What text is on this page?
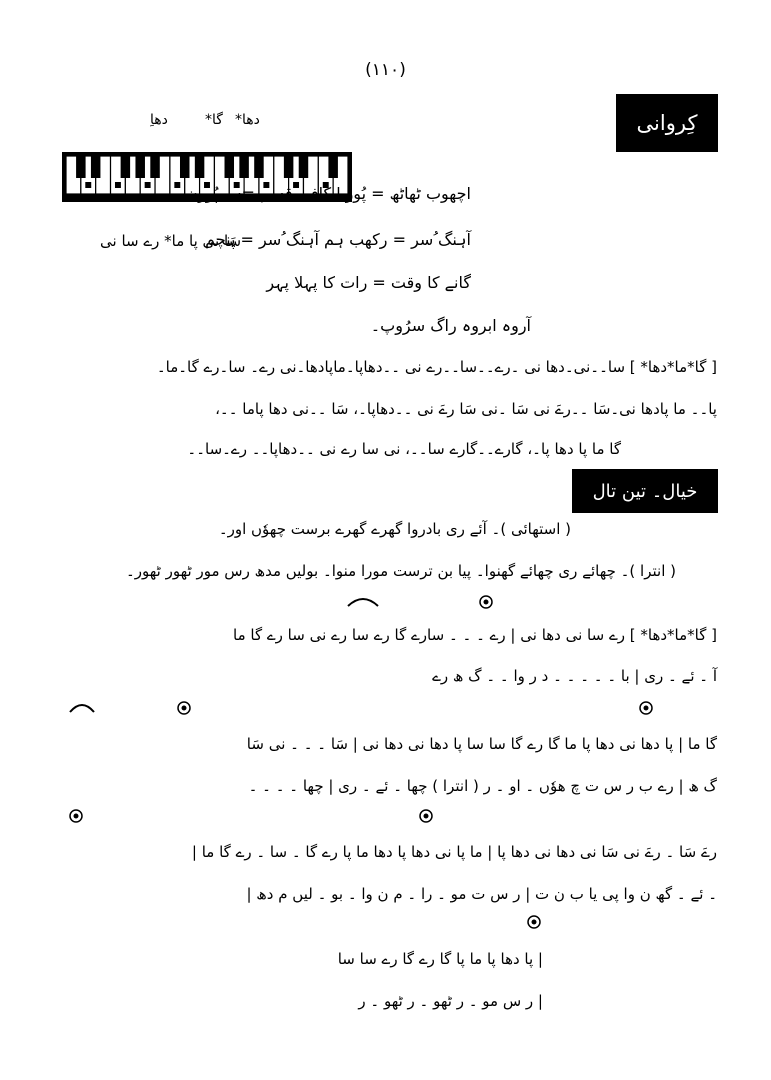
(۱۱۰)
کِروانی
دھا*
گا*
دھاِ
سَا نی پا ما* رے سا نی
اچھوب ٹھاٹھ = پُوربا کافی قسم =سمپُورن
آہنگ ُسر = رکھب ہم آہنگ ُسر = پنچم
گانے کا وقت = رات کا پہلا پہر
آروہ ابروہ راگ سرُوپ۔
[ گا*ما*دھا* ] سا۔۔نی۔دھا نی ۔رے۔۔سا۔۔رے نی ۔۔دھاپا۔ماپادھا۔نی رے۔ سا۔رے گا۔ما۔
پا۔۔ ما پادھا نی۔سَا ۔۔رےَ نی سَا ۔نی سَا رےَ نی ۔۔دھاپا۔، سَا ۔۔نی دھا پاما ۔۔،
گا ما پا دھا پا۔، گارے۔۔گارے سا۔۔، نی سا رے نی ۔۔دھاپا۔۔ رے۔سا۔۔
خیال۔ تین تال
( استھائی )۔ آئے ری بادروا گھرے گھرے برست چھوٗں اور۔
( انترا )۔ چھائے ری چھائے گھنوا۔ پیا بن ترست مورا منوا۔ بولیں مدھ رس مور ٹھور ٹھور۔
[ گا*ما*دھا* ] رے سا نی دھا نی | رے ۔ ۔ ۔ سارے گا رے سا رے نی سا رے گا ما
آ ۔ ئے ۔ ری | با ۔ ۔ ۔ ۔ ۔ د ر وا ۔ ۔ گ ھ رے
گا ما | پا دھا نی دھا پا ما گا رے گا سا سا پا دھا نی دھا نی | سَا ۔ ۔ ۔ نی سَا
گ ھ | رے ب ر س ت چ ھوٗں ۔ او ۔ ر ( انترا ) چھا ۔ ئے ۔ ری | چھا ۔ ۔ ۔ ۔
رےَ سَا ۔ رےَ نی سَا نی دھا نی دھا پا | ما پا نی دھا پا دھا ما پا رے گا ۔ سا ۔ رے گا ما |
۔ ئے ۔ گھ ن وا پی یا ب ن ت | ر س ت مو ۔ را ۔ م ن وا ۔ بو ۔ لیں م دھ |
| پا دھا پا ما پا گا رے گا رے سا سا
| ر س مو ۔ ر ٹھو ۔ ر ٹھو ۔ ر
